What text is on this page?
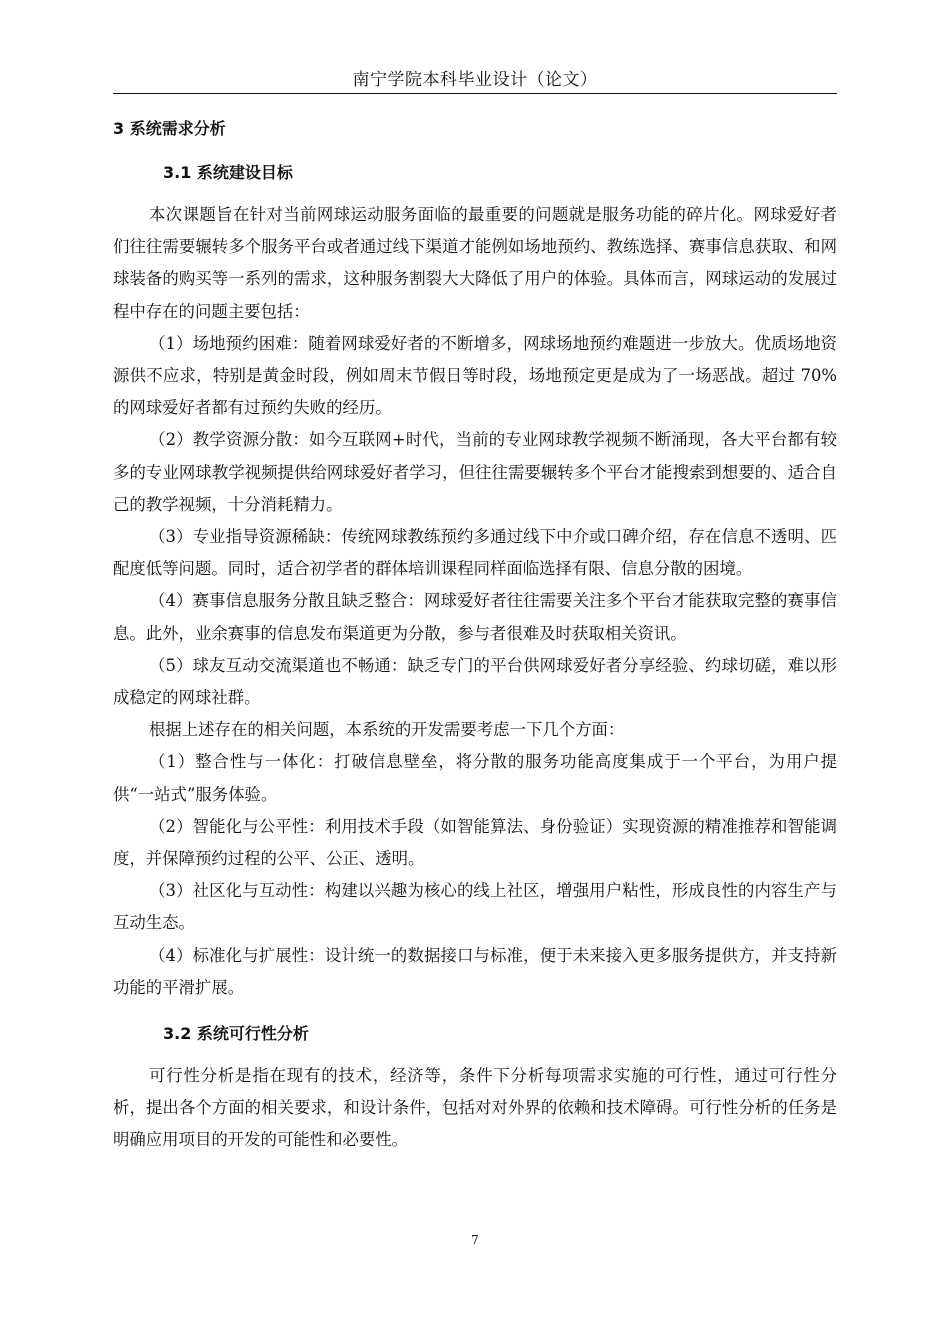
南宁学院本科毕业设计（论文）
3 系统需求分析
3.1 系统建设目标

本次课题旨在针对当前网球运动服务面临的最重要的问题就是服务功能的碎片化。网球爱好者们往往需要辗转多个服务平台或者通过线下渠道才能例如场地预约、教练选择、赛事信息获取、和网球装备的购买等一系列的需求，这种服务割裂大大降低了用户的体验。具体而言，网球运动的发展过程中存在的问题主要包括：

（1）场地预约困难：随着网球爱好者的不断增多，网球场地预约难题进一步放大。优质场地资源供不应求，特别是黄金时段，例如周末节假日等时段，场地预定更是成为了一场恶战。超过 70%的网球爱好者都有过预约失败的经历。

（2）教学资源分散：如今互联网+时代，当前的专业网球教学视频不断涌现，各大平台都有较多的专业网球教学视频提供给网球爱好者学习，但往往需要辗转多个平台才能搜索到想要的、适合自己的教学视频，十分消耗精力。

（3）专业指导资源稀缺：传统网球教练预约多通过线下中介或口碑介绍，存在信息不透明、匹配度低等问题。同时，适合初学者的群体培训课程同样面临选择有限、信息分散的困境。

（4）赛事信息服务分散且缺乏整合：网球爱好者往往需要关注多个平台才能获取完整的赛事信息。此外，业余赛事的信息发布渠道更为分散，参与者很难及时获取相关资讯。

（5）球友互动交流渠道也不畅通：缺乏专门的平台供网球爱好者分享经验、约球切磋，难以形成稳定的网球社群。

根据上述存在的相关问题，本系统的开发需要考虑一下几个方面：

（1）整合性与一体化：打破信息壁垒，将分散的服务功能高度集成于一个平台，为用户提供“一站式”服务体验。

（2）智能化与公平性：利用技术手段（如智能算法、身份验证）实现资源的精准推荐和智能调度，并保障预约过程的公平、公正、透明。

（3）社区化与互动性：构建以兴趣为核心的线上社区，增强用户粘性，形成良性的内容生产与互动生态。

（4）标准化与扩展性：设计统一的数据接口与标准，便于未来接入更多服务提供方，并支持新功能的平滑扩展。

3.2 系统可行性分析

可行性分析是指在现有的技术，经济等，条件下分析每项需求实施的可行性，通过可行性分析，提出各个方面的相关要求，和设计条件，包括对对外界的依赖和技术障碍。可行性分析的任务是明确应用项目的开发的可能性和必要性。

7
